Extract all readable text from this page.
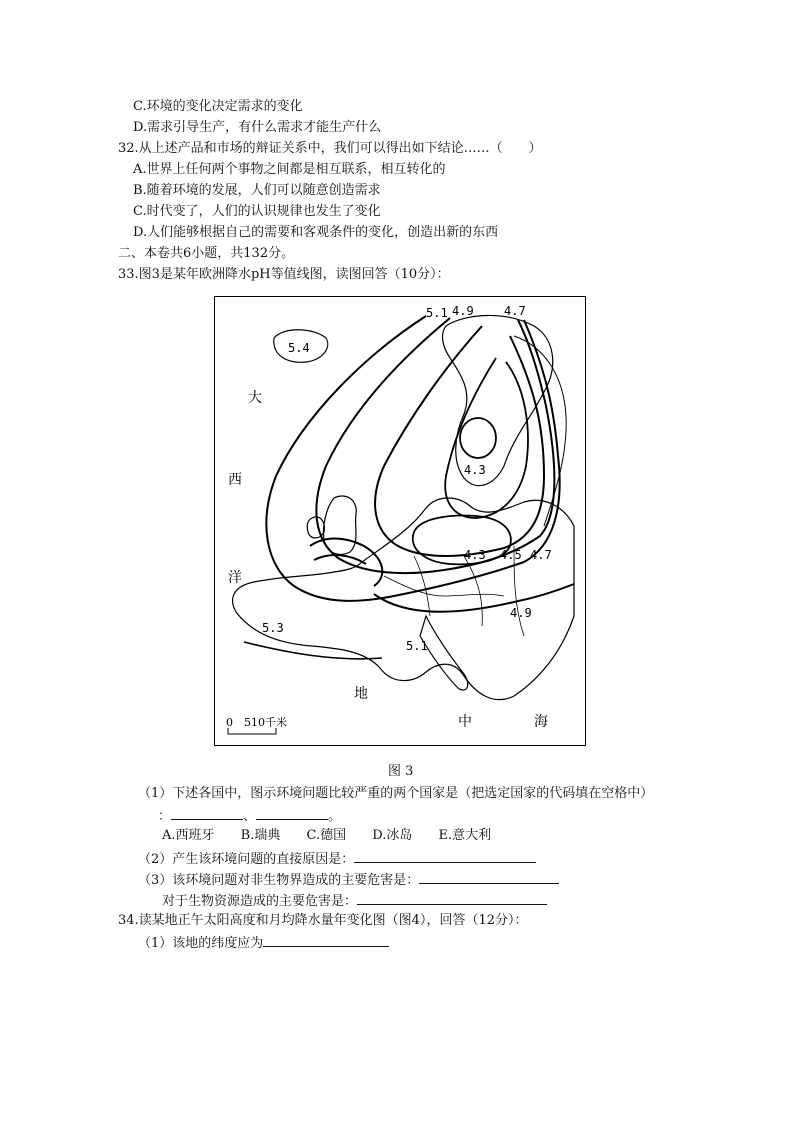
C.环境的变化决定需求的变化
D.需求引导生产，有什么需求才能生产什么
32.从上述产品和市场的辩证关系中，我们可以得出如下结论……（　　）
A.世界上任何两个事物之间都是相互联系，相互转化的
B.随着环境的发展，人们可以随意创造需求
C.时代变了，人们的认识规律也发生了变化
D.人们能够根据自己的需要和客观条件的变化，创造出新的东西
二、本卷共6小题，共132分。
33.图3是某年欧洲降水pH等值线图，读图回答（10分）：
5.1 4.9	4.7
5.4
大
西
洋
4.3
4.3 4.5 4.7
4.9
5.3
5.1
地
中	海
0　510千米
图 3
（1）下述各国中，图示环境问题比较严重的两个国家是（把选定国家的代码填在空格中）
：	、	。
A.西班牙 B.瑞典 C.德国 D.冰岛 E.意大利
（2）产生该环境问题的直接原因是：
（3）该环境问题对非生物界造成的主要危害是：
对于生物资源造成的主要危害是：
34.读某地正午太阳高度和月均降水量年变化图（图4），回答（12分）：
（1）该地的纬度应为
